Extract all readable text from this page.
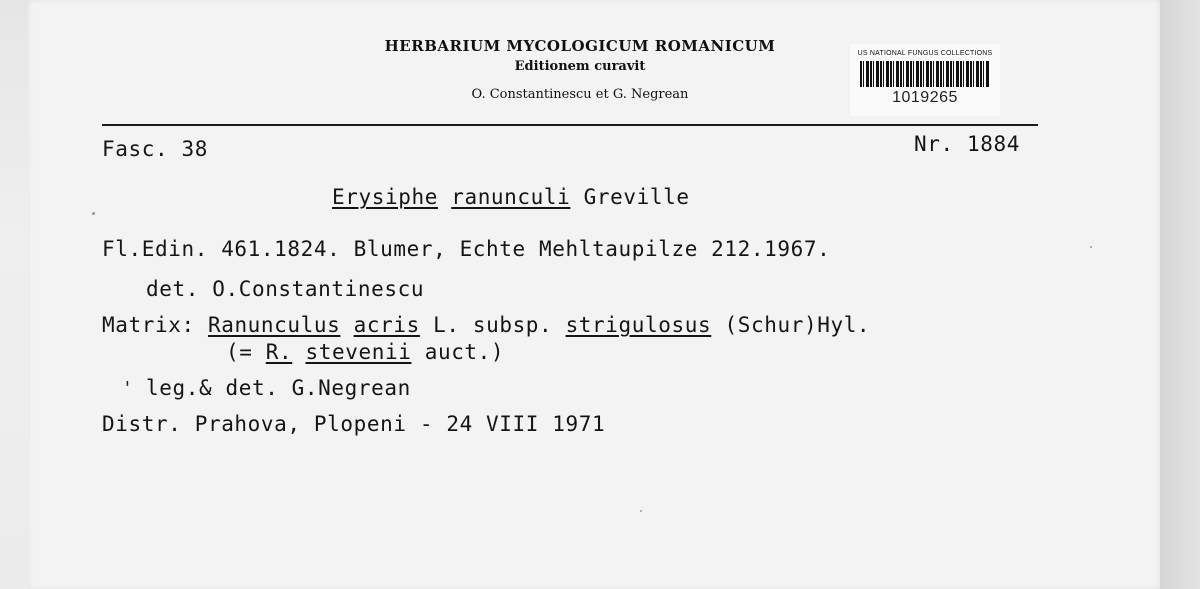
HERBARIUM MYCOLOGICUM ROMANICUM
Editionem curavit
O. Constantinescu et G. Negrean
US NATIONAL FUNGUS COLLECTIONS
1019265
Fasc. 38	Nr. 1884
Erysiphe ranunculi Greville
Fl.Edin. 461.1824. Blumer, Echte Mehltaupilze 212.1967.
det. O.Constantinescu
Matrix: Ranunculus acris L. subsp. strigulosus (Schur)Hyl.
(= R. stevenii auct.)
' leg.& det. G.Negrean
Distr. Prahova, Plopeni - 24 VIII 1971
